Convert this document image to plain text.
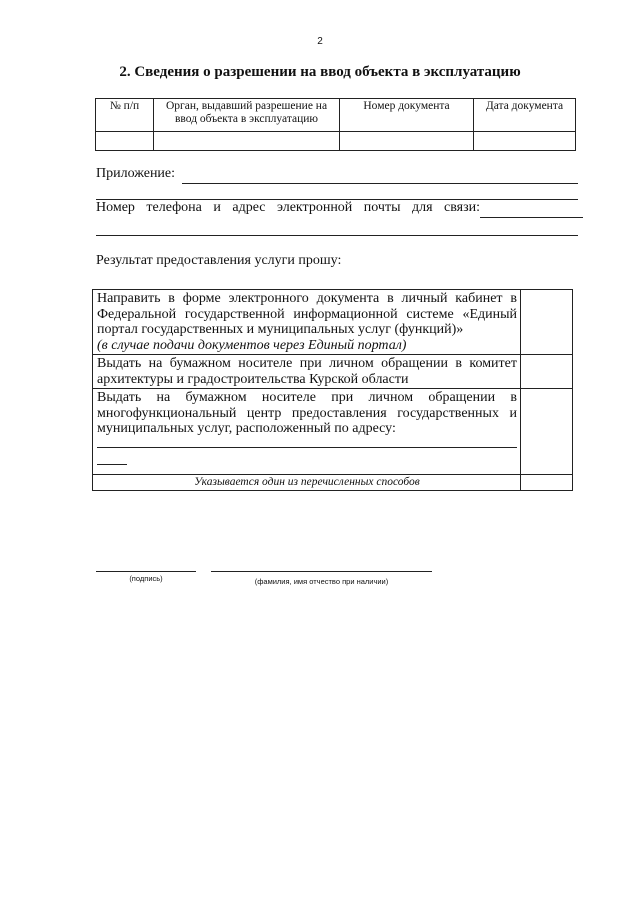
2
2. Сведения о разрешении на ввод объекта в эксплуатацию
№ п/п	Орган, выдавший разрешение на ввод объекта в эксплуатацию	Номер документа	Дата документа

Приложение:
Номер телефона и адрес электронной почты для связи:
Результат предоставления услуги прошу:
Направить в форме электронного документа в личный кабинет в Федеральной государственной информационной системе «Единый портал государственных и муниципальных услуг (функций)»
(в случае подачи документов через Единый портал)	

Выдать на бумажном носителе при личном обращении в комитет архитектуры и градостроительства Курской области	

Выдать на бумажном носителе при личном обращении в многофункциональный центр предоставления государственных и муниципальных услуг, расположенный по адресу:	

Указывается один из перечисленных способов	
(подпись)	(фамилия, имя отчество при наличии)
